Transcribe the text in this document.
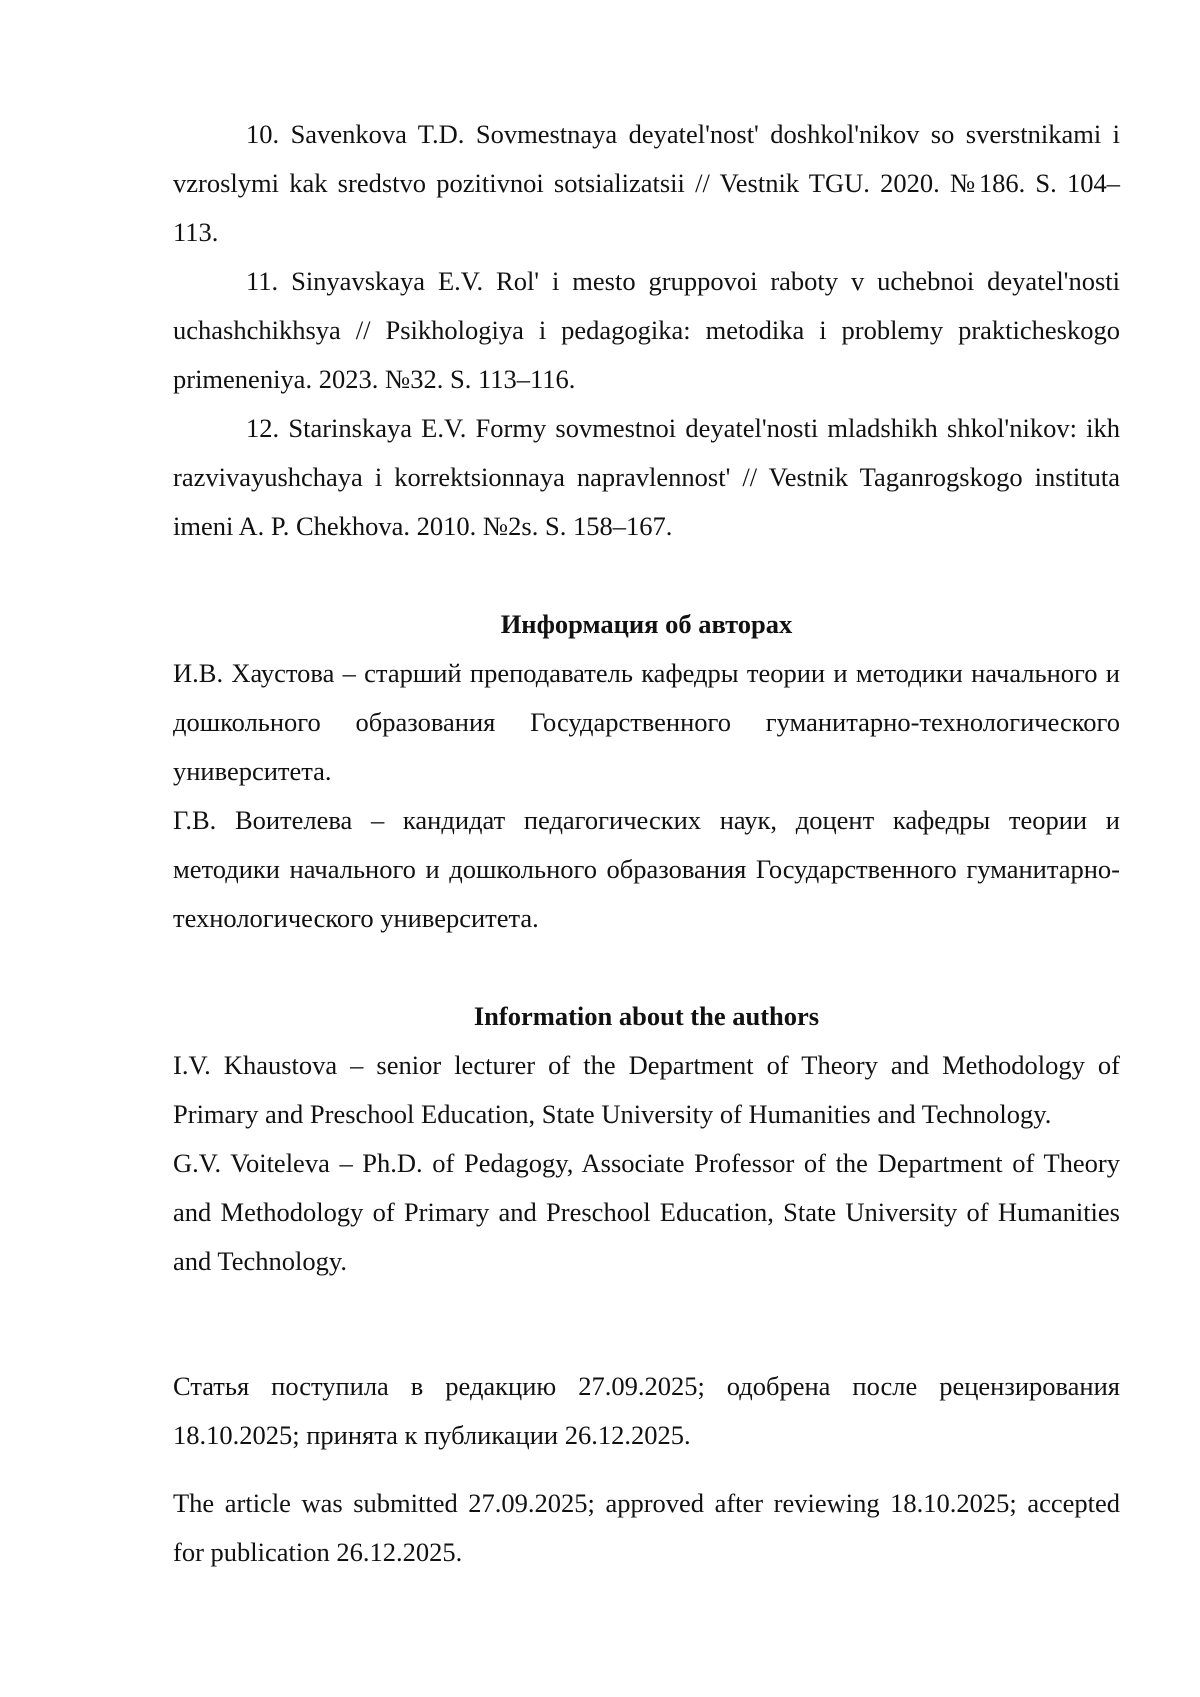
10. Savenkova T.D. Sovmestnaya deyatel'nost' doshkol'nikov so sverstnikami i vzroslymi kak sredstvo pozitivnoi sotsializatsii // Vestnik TGU. 2020. №186. S. 104–113.

11. Sinyavskaya E.V. Rol' i mesto gruppovoi raboty v uchebnoi deyatel'nosti uchashchikhsya // Psikhologiya i pedagogika: metodika i problemy prakticheskogo primeneniya. 2023. №32. S. 113–116.

12. Starinskaya E.V. Formy sovmestnoi deyatel'nosti mladshikh shkol'nikov: ikh razvivayushchaya i korrektsionnaya napravlennost' // Vestnik Taganrogskogo instituta imeni A. P. Chekhova. 2010. №2s. S. 158–167.

Информация об авторах

И.В. Хаустова – старший преподаватель кафедры теории и методики начального и дошкольного образования Государственного гуманитарно-технологического университета.

Г.В. Воителева – кандидат педагогических наук, доцент кафедры теории и методики начального и дошкольного образования Государственного гуманитарно-технологического университета.

Information about the authors

I.V. Khaustova – senior lecturer of the Department of Theory and Methodology of Primary and Preschool Education, State University of Humanities and Technology.

G.V. Voiteleva – Ph.D. of Pedagogy, Associate Professor of the Department of Theory and Methodology of Primary and Preschool Education, State University of Humanities and Technology.

Статья поступила в редакцию 27.09.2025; одобрена после рецензирования 18.10.2025; принята к публикации 26.12.2025.

The article was submitted 27.09.2025; approved after reviewing 18.10.2025; accepted for publication 26.12.2025.
